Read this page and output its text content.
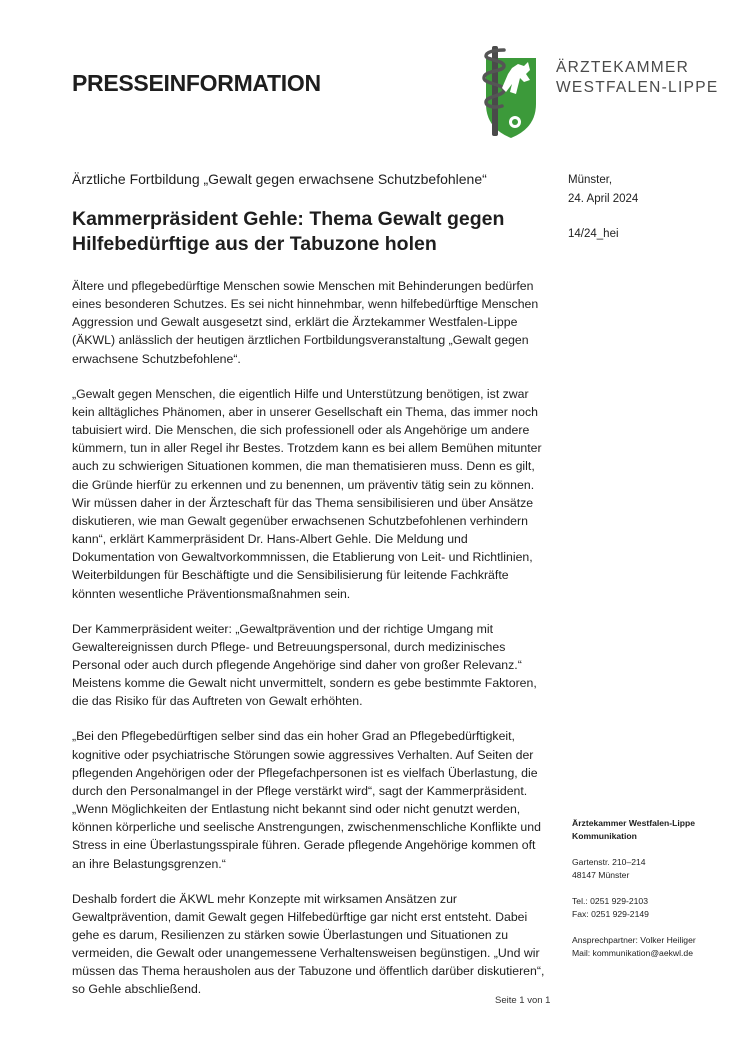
PRESSEINFORMATION
ÄRZTEKAMMER
WESTFALEN-LIPPE
Ärztliche Fortbildung „Gewalt gegen erwachsene Schutzbefohlene“
Kammerpräsident Gehle: Thema Gewalt gegen Hilfebedürftige aus der Tabuzone holen
Münster,
24. April 2024
14/24_hei

Ältere und pflegebedürftige Menschen sowie Menschen mit Behinderungen bedürfen eines besonderen Schutzes. Es sei nicht hinnehmbar, wenn hilfebedürftige Menschen Aggression und Gewalt ausgesetzt sind, erklärt die Ärztekammer Westfalen-Lippe (ÄKWL) anlässlich der heutigen ärztlichen Fortbildungsveranstaltung „Gewalt gegen erwachsene Schutzbefohlene“.

„Gewalt gegen Menschen, die eigentlich Hilfe und Unterstützung benötigen, ist zwar kein alltägliches Phänomen, aber in unserer Gesellschaft ein Thema, das immer noch tabuisiert wird. Die Menschen, die sich professionell oder als Angehörige um andere kümmern, tun in aller Regel ihr Bestes. Trotzdem kann es bei allem Bemühen mitunter auch zu schwierigen Situationen kommen, die man thematisieren muss. Denn es gilt, die Gründe hierfür zu erkennen und zu benennen, um präventiv tätig sein zu können. Wir müssen daher in der Ärzteschaft für das Thema sensibilisieren und über Ansätze diskutieren, wie man Gewalt gegenüber erwachsenen Schutzbefohlenen verhindern kann“, erklärt Kammerpräsident Dr. Hans-Albert Gehle. Die Meldung und Dokumentation von Gewaltvorkommnissen, die Etablierung von Leit- und Richtlinien, Weiterbildungen für Beschäftigte und die Sensibilisierung für leitende Fachkräfte könnten wesentliche Präventionsmaßnahmen sein.

Der Kammerpräsident weiter: „Gewaltprävention und der richtige Umgang mit Gewaltereignissen durch Pflege- und Betreuungspersonal, durch medizinisches Personal oder auch durch pflegende Angehörige sind daher von großer Relevanz.“ Meistens komme die Gewalt nicht unvermittelt, sondern es gebe bestimmte Faktoren, die das Risiko für das Auftreten von Gewalt erhöhten.

„Bei den Pflegebedürftigen selber sind das ein hoher Grad an Pflegebedürftigkeit, kognitive oder psychiatrische Störungen sowie aggressives Verhalten. Auf Seiten der pflegenden Angehörigen oder der Pflegefachpersonen ist es vielfach Überlastung, die durch den Personalmangel in der Pflege verstärkt wird“, sagt der Kammerpräsident. „Wenn Möglichkeiten der Entlastung nicht bekannt sind oder nicht genutzt werden, können körperliche und seelische Anstrengungen, zwischenmenschliche Konflikte und Stress in eine Überlastungsspirale führen. Gerade pflegende Angehörige kommen oft an ihre Belastungsgrenzen.“

Deshalb fordert die ÄKWL mehr Konzepte mit wirksamen Ansätzen zur Gewaltprävention, damit Gewalt gegen Hilfebedürftige gar nicht erst entsteht. Dabei gehe es darum, Resilienzen zu stärken sowie Überlastungen und Situationen zu vermeiden, die Gewalt oder unangemessene Verhaltensweisen begünstigen. „Und wir müssen das Thema herausholen aus der Tabuzone und öffentlich darüber diskutieren“, so Gehle abschließend.

Ärztekammer Westfalen-Lippe
Kommunikation
Gartenstr. 210–214
48147 Münster
Tel.: 0251 929-2103
Fax: 0251 929-2149
Ansprechpartner: Volker Heiliger
Mail: kommunikation@aekwl.de
Seite 1 von 1
